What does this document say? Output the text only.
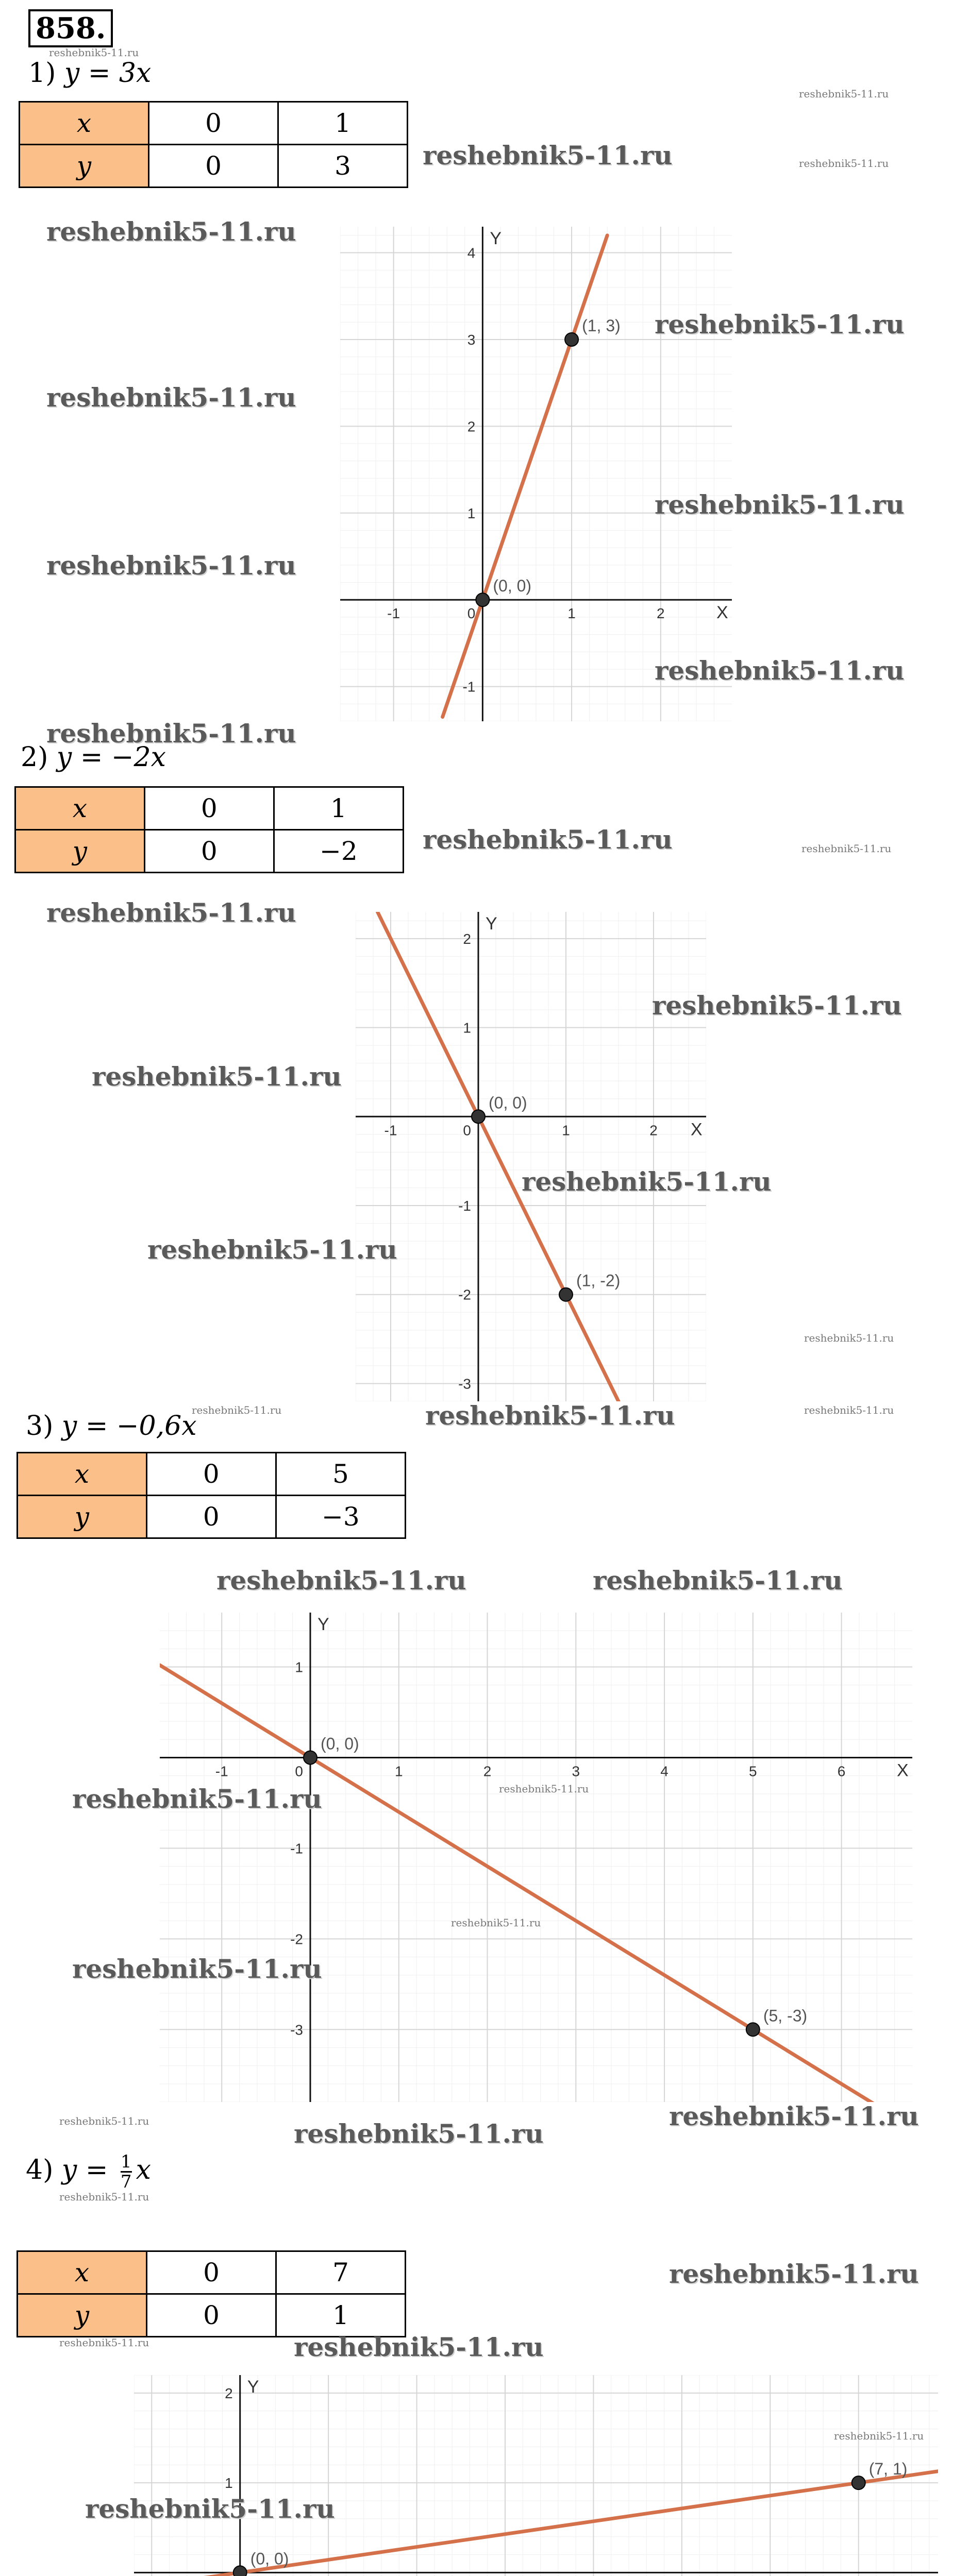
858.
1) y = 3x
x	0	1
y	0	3
2) y = −2x
x	0	1
y	0	−2
3) y = −0,6x
x	0	5
y	0	−3
4) $y = \frac{1}{7}$ x
x	0	7
y	0	1
-1	1	2
-1
1
2
3
4
0	X
Y
(0, 0)
(1, 3)
-1	1	2
-3
-2
-1
1
2
0	X
Y
(0, 0)
(1, -2)
-1	1	2	3	4	5	6
-3
-2
-1
1
0	X
Y
(0, 0)
(5, -3)
1
2 Y
(0, 0)
(7, 1)
reshebnik5-11.ru
reshebnik5-11.ru
reshebnik5-11.ru
reshebnik5-11.ru
reshebnik5-11.ru
reshebnik5-11.ru
reshebnik5-11.ru
reshebnik5-11.ru
reshebnik5-11.ru
reshebnik5-11.ru
reshebnik5-11.ru
reshebnik5-11.ru	reshebnik5-11.ru
reshebnik5-11.ru
reshebnik5-11.ru
reshebnik5-11.ru
reshebnik5-11.ru
reshebnik5-11.ru
reshebnik5-11.ru
reshebnik5-11.ru
reshebnik5-11.ru	reshebnik5-11.ru
reshebnik5-11.ru	reshebnik5-11.ru
reshebnik5-11.ru	reshebnik5-11.ru
reshebnik5-11.ru
reshebnik5-11.ru
reshebnik5-11.ru	reshebnik5-11.ru
reshebnik5-11.ru
reshebnik5-11.ru
reshebnik5-11.ru
reshebnik5-11.ru	reshebnik5-11.ru
reshebnik5-11.ru
reshebnik5-11.ru
